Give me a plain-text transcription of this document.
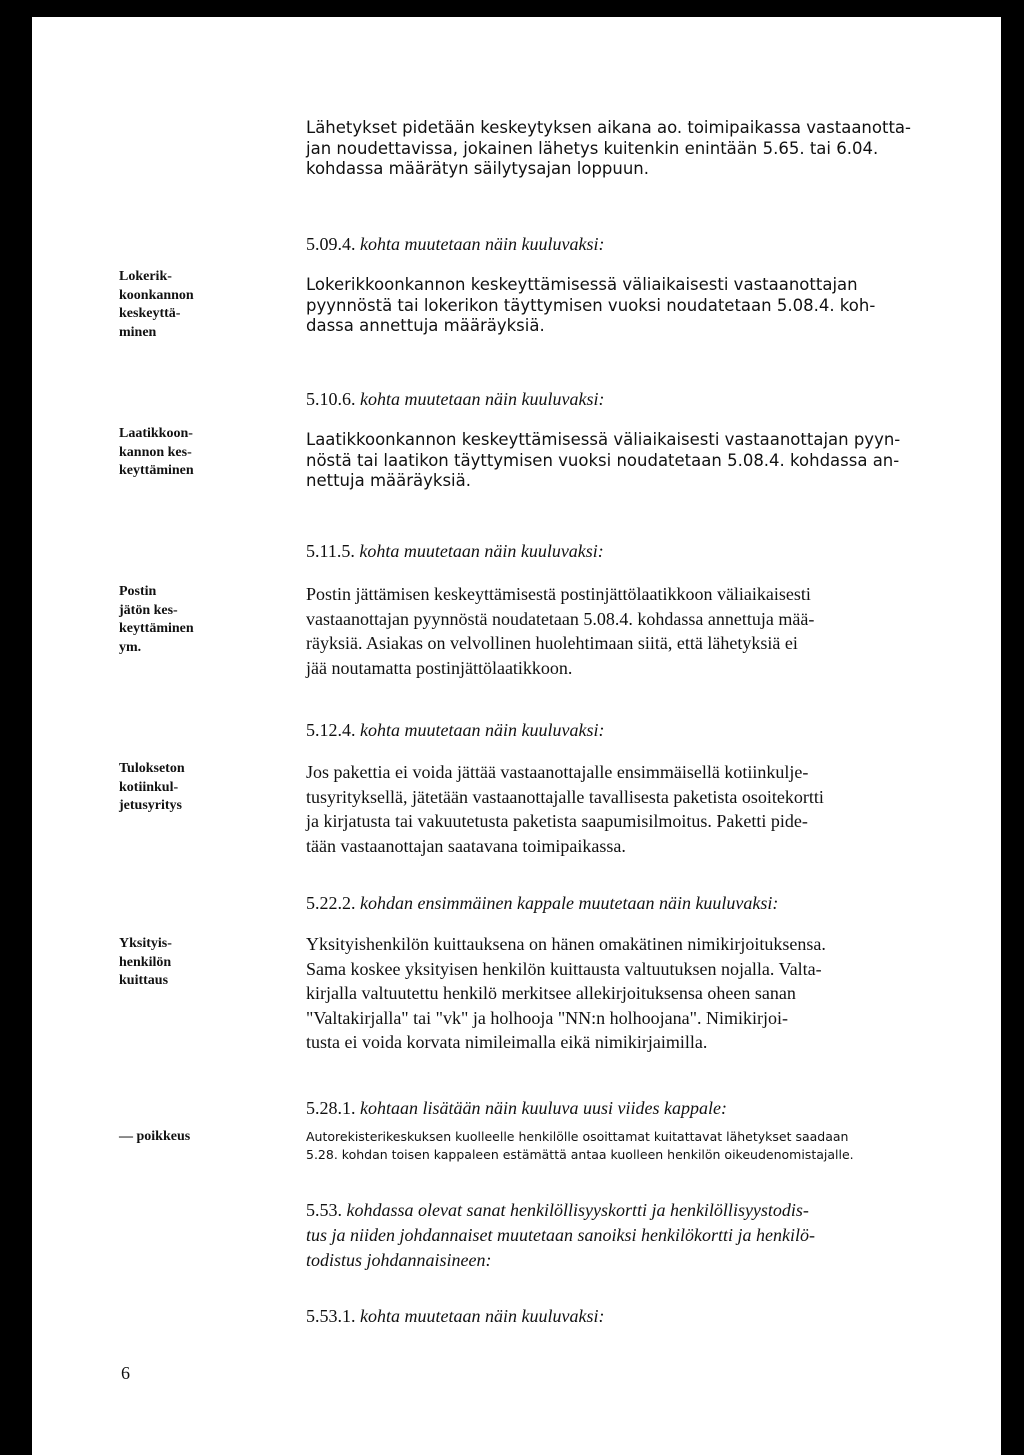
Lähetykset pidetään keskeytyksen aikana ao. toimipaikassa vastaanotta-
jan noudettavissa, jokainen lähetys kuitenkin enintään 5.65. tai 6.04.
kohdassa määrätyn säilytysajan loppuun.

Lokerik-
koonkannon
keskeyttä-
minen
5.09.4. kohta muutetaan näin kuuluvaksi:

Lokerikkoonkannon keskeyttämisessä väliaikaisesti vastaanottajan
pyynnöstä tai lokerikon täyttymisen vuoksi noudatetaan 5.08.4. koh-
dassa annettuja määräyksiä.

Laatikkoon-
kannon kes-
keyttäminen
5.10.6. kohta muutetaan näin kuuluvaksi:

Laatikkoonkannon keskeyttämisessä väliaikaisesti vastaanottajan pyyn-
nöstä tai laatikon täyttymisen vuoksi noudatetaan 5.08.4. kohdassa an-
nettuja määräyksiä.

Postin
jätön kes-
keyttäminen
ym.
5.11.5. kohta muutetaan näin kuuluvaksi:

Postin jättämisen keskeyttämisestä postinjättölaatikkoon väliaikaisesti
vastaanottajan pyynnöstä noudatetaan 5.08.4. kohdassa annettuja mää-
räyksiä. Asiakas on velvollinen huolehtimaan siitä, että lähetyksiä ei
jää noutamatta postinjättölaatikkoon.

Tulokseton
kotiinkul-
jetusyritys
5.12.4. kohta muutetaan näin kuuluvaksi:

Jos pakettia ei voida jättää vastaanottajalle ensimmäisellä kotiinkulje-
tusyrityksellä, jätetään vastaanottajalle tavallisesta paketista osoitekortti
ja kirjatusta tai vakuutetusta paketista saapumisilmoitus. Paketti pide-
tään vastaanottajan saatavana toimipaikassa.

Yksityis-
henkilön
kuittaus
5.22.2. kohdan ensimmäinen kappale muutetaan näin kuuluvaksi:

Yksityishenkilön kuittauksena on hänen omakätinen nimikirjoituksensa.
Sama koskee yksityisen henkilön kuittausta valtuutuksen nojalla. Valta-
kirjalla valtuutettu henkilö merkitsee allekirjoituksensa oheen sanan
"Valtakirjalla" tai "vk" ja holhooja "NN:n holhoojana". Nimikirjoi-
tusta ei voida korvata nimileimalla eikä nimikirjaimilla.

— poikkeus
5.28.1. kohtaan lisätään näin kuuluva uusi viides kappale:

Autorekisterikeskuksen kuolleelle henkilölle osoittamat kuitattavat lähetykset saadaan
5.28. kohdan toisen kappaleen estämättä antaa kuolleen henkilön oikeudenomistajalle.

5.53. kohdassa olevat sanat henkilöllisyyskortti ja henkilöllisyystodis-
tus ja niiden johdannaiset muutetaan sanoiksi henkilökortti ja henkilö-
todistus johdannaisineen:
5.53.1. kohta muutetaan näin kuuluvaksi:
6
